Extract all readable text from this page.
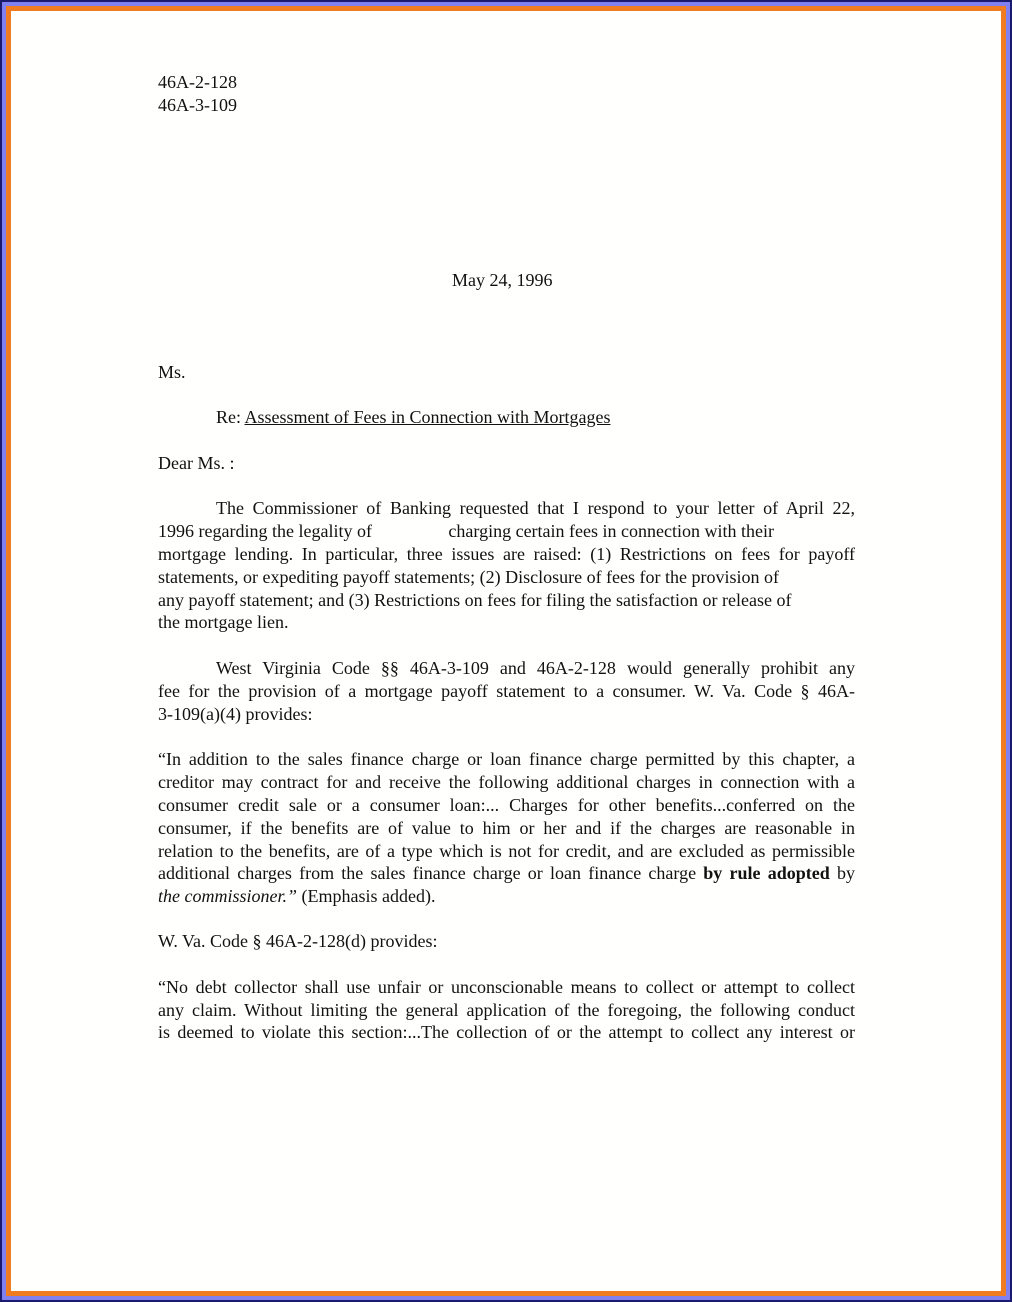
46A-2-128
46A-3-109
May 24, 1996
Ms.
Re: Assessment of Fees in Connection with Mortgages
Dear Ms. :
The Commissioner of Banking requested that I respond to your letter of April 22,
1996 regarding the legality of                 charging certain fees in connection with their
mortgage lending. In particular, three issues are raised: (1) Restrictions on fees for payoff
statements, or expediting payoff statements; (2) Disclosure of fees for the provision of
any payoff statement; and (3) Restrictions on fees for filing the satisfaction or release of
the mortgage lien.
West Virginia Code §§ 46A-3-109 and 46A-2-128 would generally prohibit any
fee for the provision of a mortgage payoff statement to a consumer. W. Va. Code § 46A-
3-109(a)(4) provides:
“In addition to the sales finance charge or loan finance charge permitted by this chapter, a
creditor may contract for and receive the following additional charges in connection with a
consumer credit sale or a consumer loan:... Charges for other benefits...conferred on the
consumer, if the benefits are of value to him or her and if the charges are reasonable in
relation to the benefits, are of a type which is not for credit, and are excluded as permissible
additional charges from the sales finance charge or loan finance charge by rule adopted by
the commissioner.” (Emphasis added).
W. Va. Code § 46A-2-128(d) provides:
“No debt collector shall use unfair or unconscionable means to collect or attempt to collect
any claim. Without limiting the general application of the foregoing, the following conduct
is deemed to violate this section:...The collection of or the attempt to collect any interest or
